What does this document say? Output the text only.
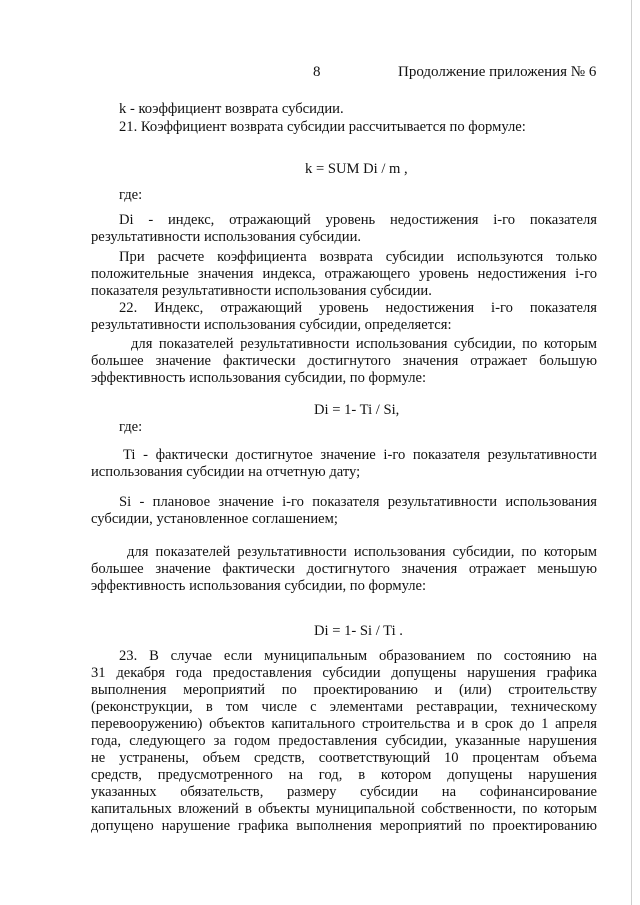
8	Продолжение приложения № 6
k - коэффициент возврата субсидии.
21. Коэффициент возврата субсидии рассчитывается по формуле:
k = SUM Di / m ,
где:
Di - индекс, отражающий уровень недостижения i-го показателя
результативности использования субсидии.
При расчете коэффициента возврата субсидии используются только
положительные значения индекса, отражающего уровень недостижения i-го
показателя результативности использования субсидии.
22. Индекс, отражающий уровень недостижения i-го показателя
результативности использования субсидии, определяется:
для показателей результативности использования субсидии, по которым
большее значение фактически достигнутого значения отражает большую
эффективность использования субсидии, по формуле:
Di = 1- Ti / Si,
где:
Ti - фактически достигнутое значение i-го показателя результативности
использования субсидии на отчетную дату;
Si - плановое значение i-го показателя результативности использования
субсидии, установленное соглашением;
для показателей результативности использования субсидии, по которым
большее значение фактически достигнутого значения отражает меньшую
эффективность использования субсидии, по формуле:
Di = 1- Si / Ti .
23. В случае если муниципальным образованием по состоянию на
31 декабря года предоставления субсидии допущены нарушения графика
выполнения мероприятий по проектированию и (или) строительству
(реконструкции, в том числе с элементами реставрации, техническому
перевооружению) объектов капитального строительства и в срок до 1 апреля
года, следующего за годом предоставления субсидии, указанные нарушения
не устранены, объем средств, соответствующий 10 процентам объема
средств, предусмотренного на год, в котором допущены нарушения
указанных обязательств, размеру субсидии на софинансирование
капитальных вложений в объекты муниципальной собственности, по которым
допущено нарушение графика выполнения мероприятий по проектированию
